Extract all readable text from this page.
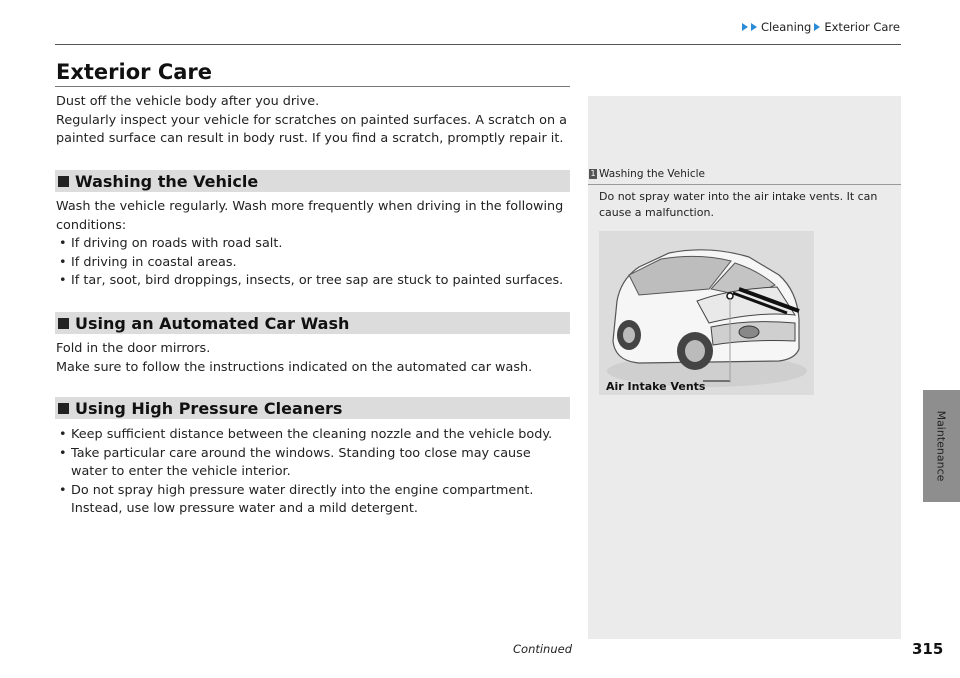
Cleaning Exterior Care
Exterior Care
Dust off the vehicle body after you drive.
Regularly inspect your vehicle for scratches on painted surfaces. A scratch on a painted surface can result in body rust. If you find a scratch, promptly repair it.
Washing the Vehicle
Wash the vehicle regularly. Wash more frequently when driving in the following conditions:
• If driving on roads with road salt.
• If driving in coastal areas.
• If tar, soot, bird droppings, insects, or tree sap are stuck to painted surfaces.
Using an Automated Car Wash
Fold in the door mirrors.
Make sure to follow the instructions indicated on the automated car wash.
Using High Pressure Cleaners
• Keep sufficient distance between the cleaning nozzle and the vehicle body.
• Take particular care around the windows. Standing too close may cause water to enter the vehicle interior.
• Do not spray high pressure water directly into the engine compartment. Instead, use low pressure water and a mild detergent.
1 Washing the Vehicle
Do not spray water into the air intake vents. It can cause a malfunction.
Air Intake Vents
Maintenance
Continued	315
